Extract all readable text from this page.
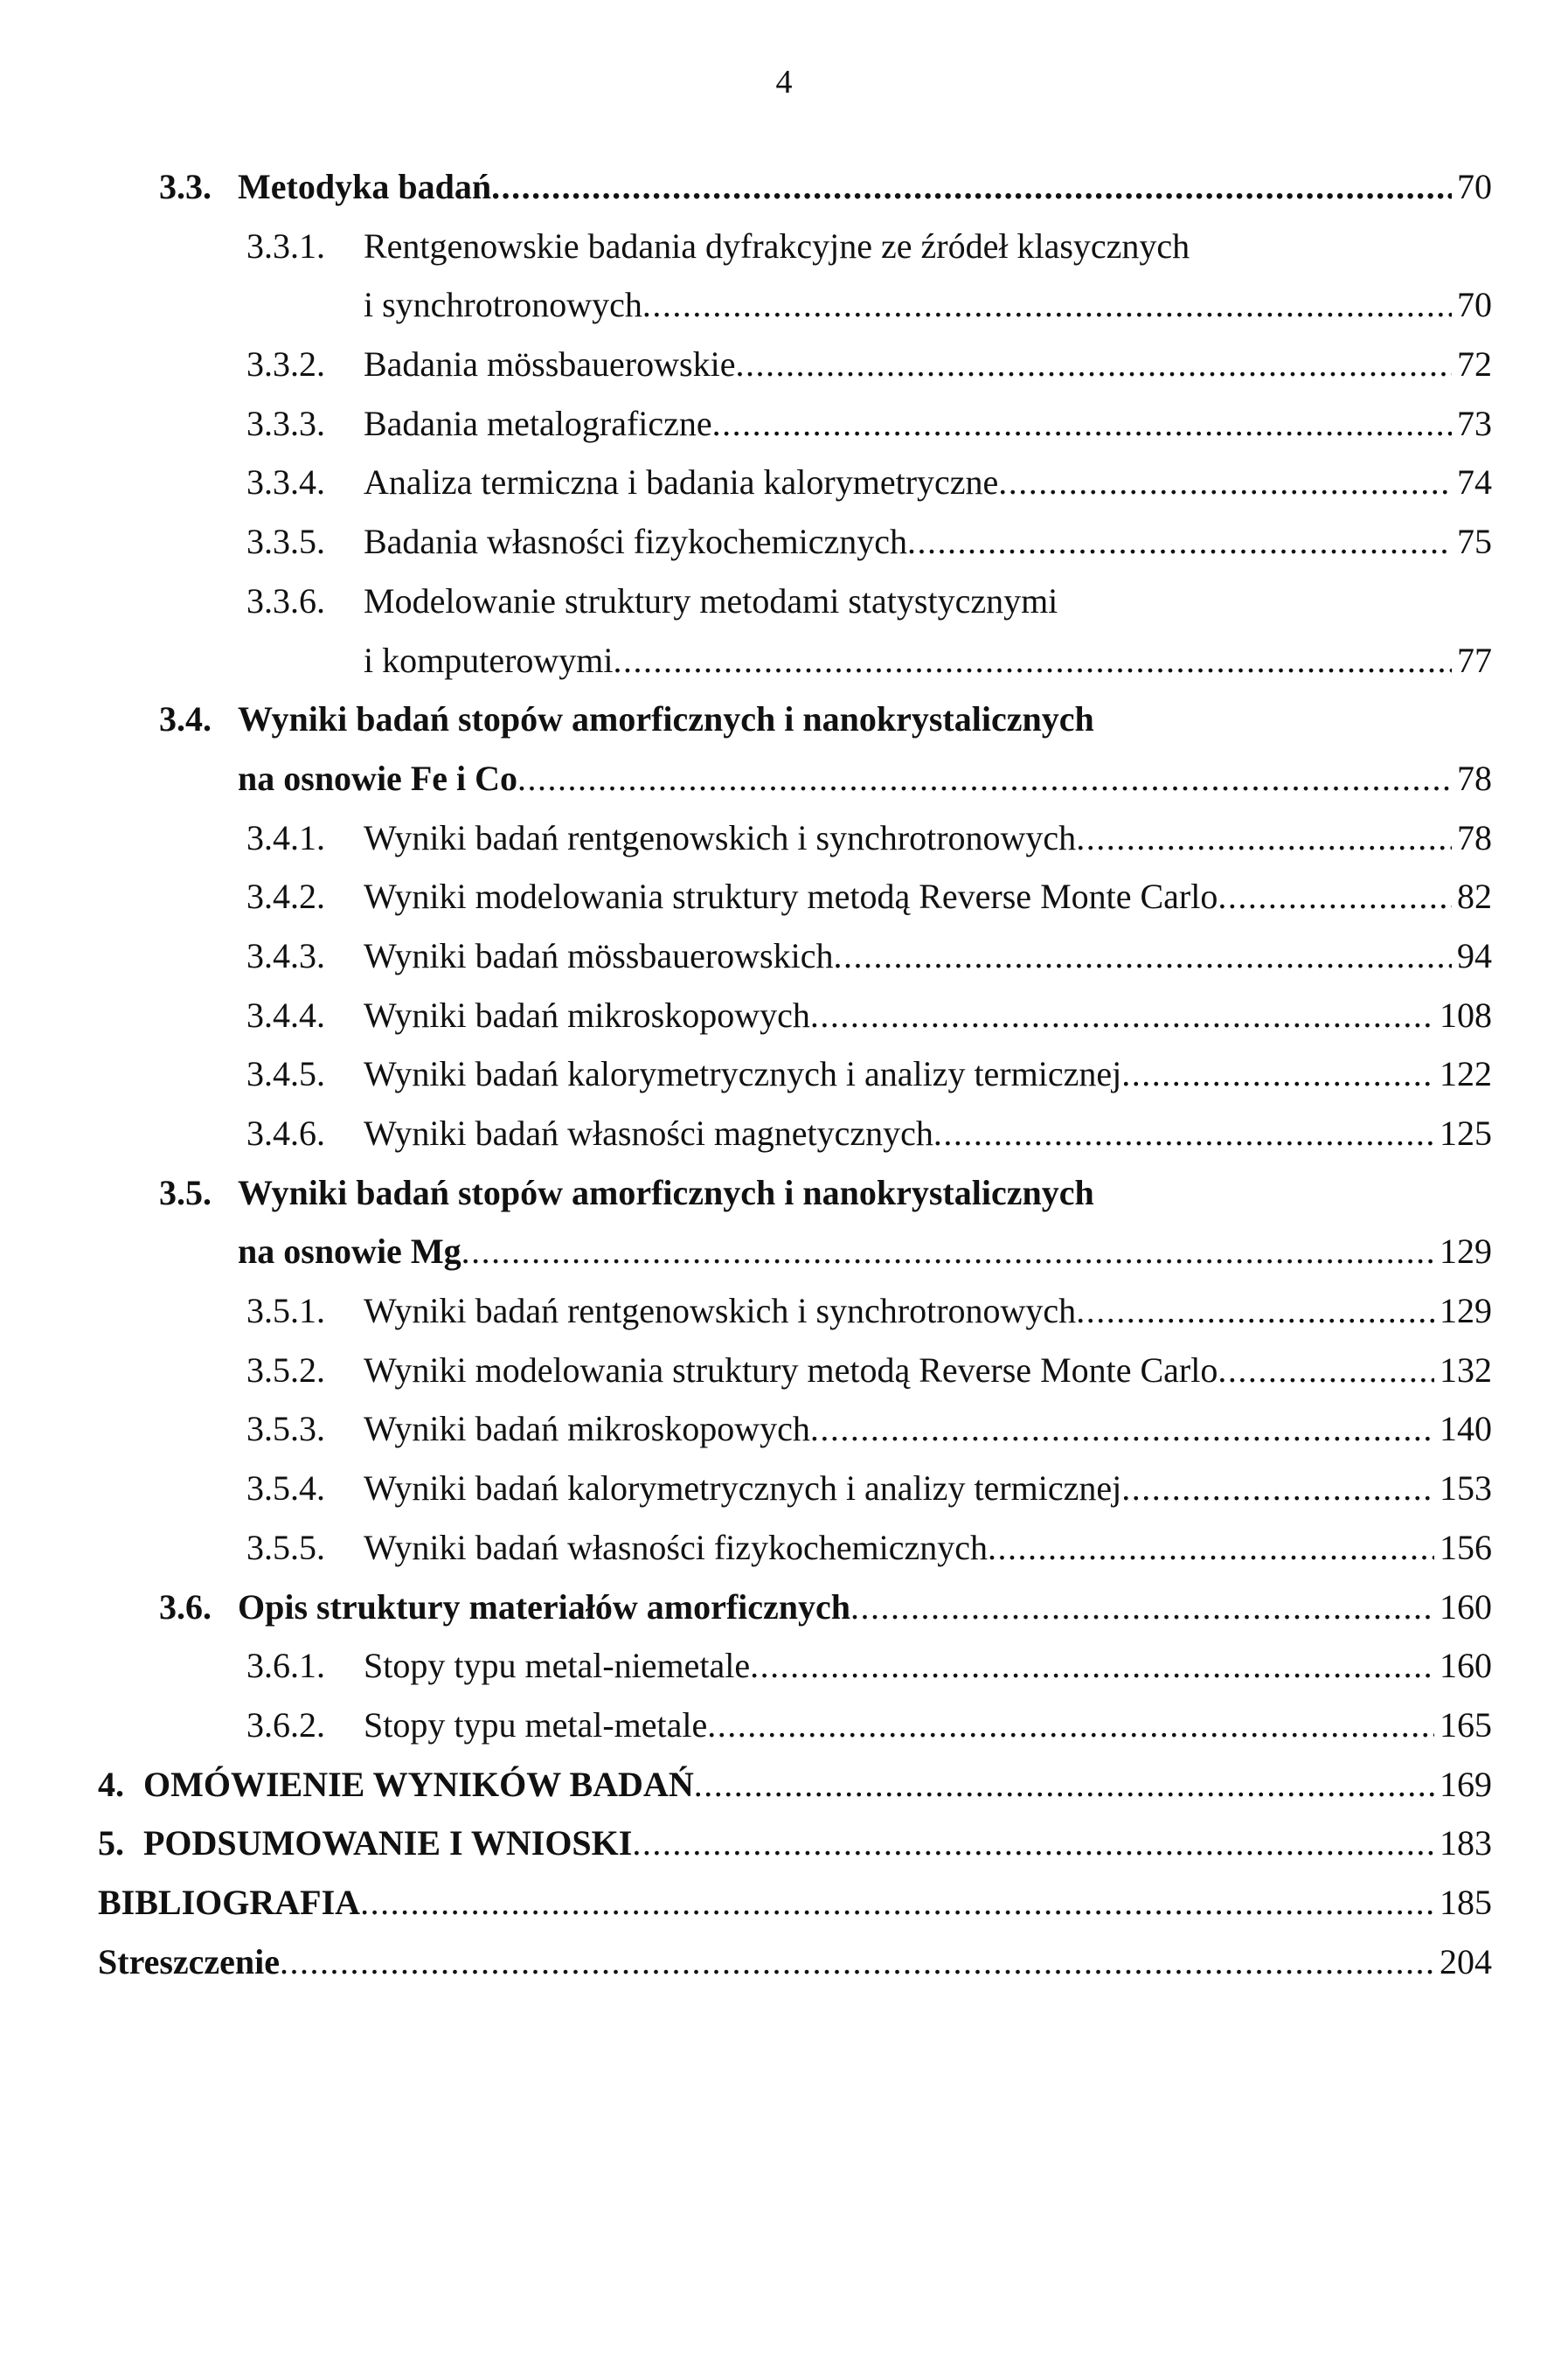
4
3.3. Metodyka badań .....	70
3.3.1.	Rentgenowskie badania dyfrakcyjne ze źródeł klasycznych
i synchrotronowych .....	70
3.3.2.	Badania mössbauerowskie .....	72
3.3.3.	Badania metalograficzne .....	73
3.3.4.	Analiza termiczna i badania kalorymetryczne .....	74
3.3.5.	Badania własności fizykochemicznych .....	75
3.3.6.	Modelowanie struktury metodami statystycznymi
i komputerowymi .....	77
3.4. Wyniki badań stopów amorficznych i nanokrystalicznych
na osnowie Fe i Co .....	78
3.4.1.	Wyniki badań rentgenowskich i synchrotronowych .....	78
3.4.2.	Wyniki modelowania struktury metodą Reverse Monte Carlo .....	82
3.4.3.	Wyniki badań mössbauerowskich .....	94
3.4.4.	Wyniki badań mikroskopowych .....	108
3.4.5.	Wyniki badań kalorymetrycznych i analizy termicznej .....	122
3.4.6.	Wyniki badań własności magnetycznych .....	125
3.5. Wyniki badań stopów amorficznych i nanokrystalicznych
na osnowie Mg .....	129
3.5.1.	Wyniki badań rentgenowskich i synchrotronowych .....	129
3.5.2.	Wyniki modelowania struktury metodą Reverse Monte Carlo .....	132
3.5.3.	Wyniki badań mikroskopowych .....	140
3.5.4.	Wyniki badań kalorymetrycznych i analizy termicznej .....	153
3.5.5.	Wyniki badań własności fizykochemicznych .....	156
3.6. Opis struktury materiałów amorficznych .....	160
3.6.1.	Stopy typu metal-niemetale .....	160
3.6.2.	Stopy typu metal-metale .....	165
4. OMÓWIENIE WYNIKÓW BADAŃ .....	169
5. PODSUMOWANIE I WNIOSKI .....	183
BIBLIOGRAFIA .....	185
Streszczenie .....	204
